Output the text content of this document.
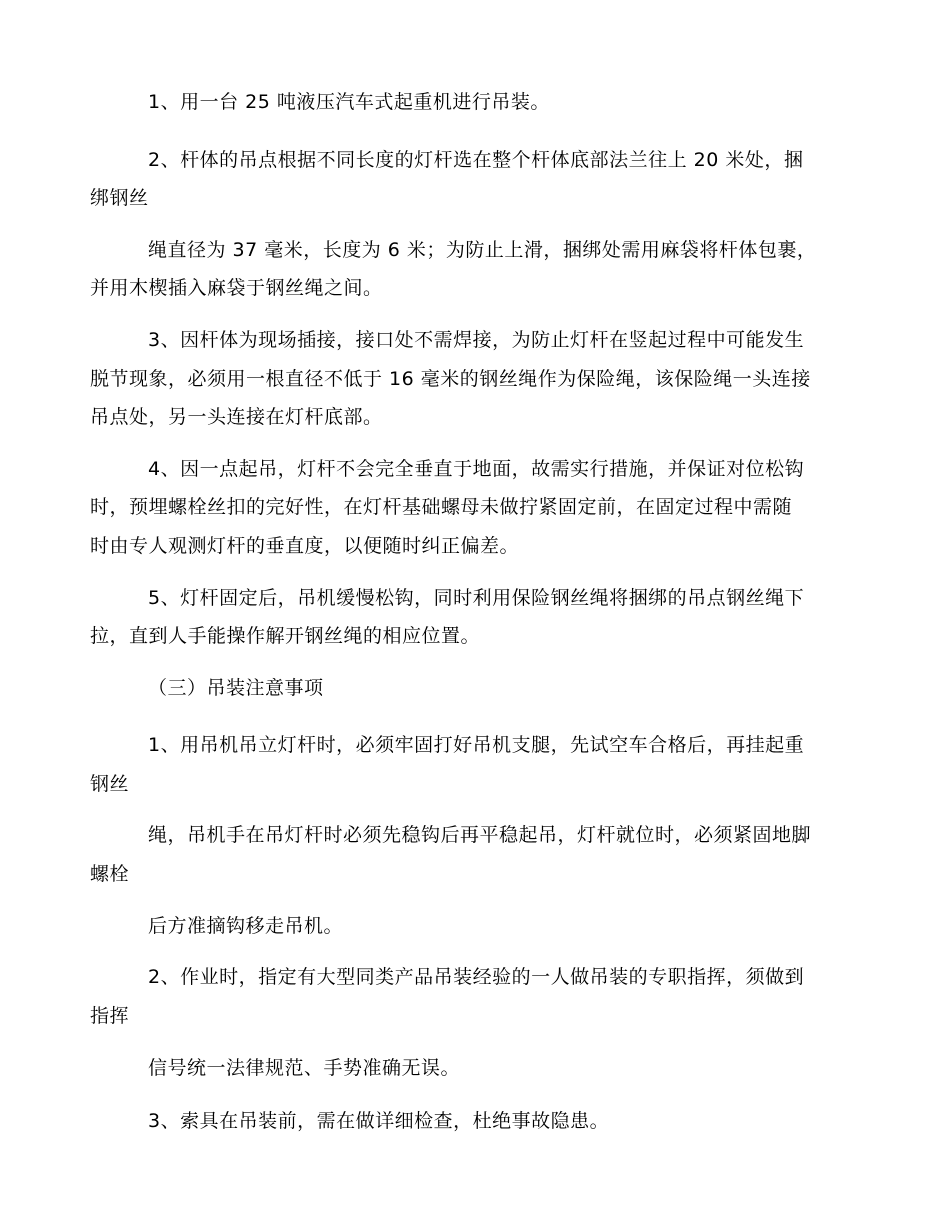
1、用一台 25 吨液压汽车式起重机进行吊装。
2、杆体的吊点根据不同长度的灯杆选在整个杆体底部法兰往上 20 米处，捆
绑钢丝
绳直径为 37 毫米，长度为 6 米；为防止上滑，捆绑处需用麻袋将杆体包裹，
并用木楔插入麻袋于钢丝绳之间。
3、因杆体为现场插接，接口处不需焊接，为防止灯杆在竖起过程中可能发生
脱节现象，必须用一根直径不低于 16 毫米的钢丝绳作为保险绳，该保险绳一头连接
吊点处，另一头连接在灯杆底部。
4、因一点起吊，灯杆不会完全垂直于地面，故需实行措施，并保证对位松钩
时，预埋螺栓丝扣的完好性，在灯杆基础螺母未做拧紧固定前，在固定过程中需随
时由专人观测灯杆的垂直度，以便随时纠正偏差。
5、灯杆固定后，吊机缓慢松钩，同时利用保险钢丝绳将捆绑的吊点钢丝绳下
拉，直到人手能操作解开钢丝绳的相应位置。
（三）吊装注意事项
1、用吊机吊立灯杆时，必须牢固打好吊机支腿，先试空车合格后，再挂起重
钢丝
绳，吊机手在吊灯杆时必须先稳钩后再平稳起吊，灯杆就位时，必须紧固地脚
螺栓
后方准摘钩移走吊机。
2、作业时，指定有大型同类产品吊装经验的一人做吊装的专职指挥，须做到
指挥
信号统一法律规范、手势准确无误。
3、索具在吊装前，需在做详细检查，杜绝事故隐患。
